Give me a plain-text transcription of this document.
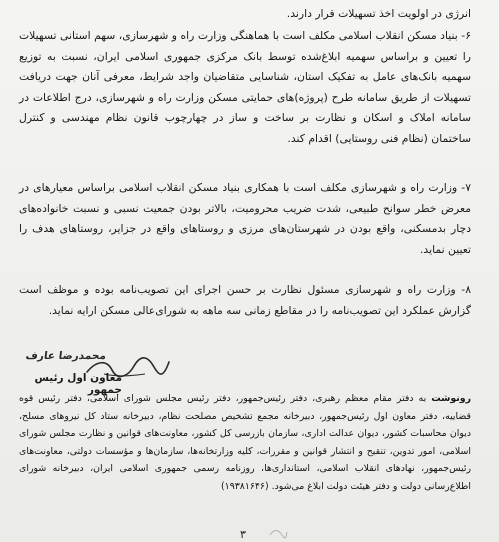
انرژی در اولویت اخذ تسهیلات قرار دارند.
۶- بنیاد مسکن انقلاب اسلامی مکلف است با هماهنگی وزارت راه و شهرسازی، سهم استانی تسهیلات را تعیین و براساس سهمیه ابلاغ‌شده توسط بانک مرکزی جمهوری اسلامی ایران، نسبت به توزیع سهمیه بانک‌های عامل به تفکیک استان، شناسایی متقاضیان واجد شرایط، معرفی آنان جهت دریافت تسهیلات از طریق سامانه طرح (پروژه)های حمایتی مسکن وزارت راه و شهرسازی، درج اطلاعات در سامانه املاک و اسکان و نظارت بر ساخت و ساز در چهارچوب قانون نظام مهندسی و کنترل ساختمان (نظام فنی روستایی) اقدام کند.
۷- وزارت راه و شهرسازی مکلف است با همکاری بنیاد مسکن انقلاب اسلامی براساس معیارهای در معرض خطر سوانح طبیعی، شدت ضریب محرومیت، بالاتر بودن جمعیت نسبی و نسبت خانواده‌های دچار بدمسکنی، واقع بودن در شهرستان‌های مرزی و روستاهای واقع در جزایر، روستاهای هدف را تعیین نماید.
۸- وزارت راه و شهرسازی مسئول نظارت بر حسن اجرای این تصویب‌نامه بوده و موظف است گزارش عملکرد این تصویب‌نامه را در مقاطع زمانی سه ماهه به شورای‌عالی مسکن ارایه نماید.
محمدرضا عارف
معاون اول رئیس جمهور
رونوشت به دفتر مقام معظم رهبری، دفتر رئیس‌جمهور، دفتر رئیس مجلس شورای اسلامی، دفتر رئیس قوه قضاییه، دفتر معاون اول رئیس‌جمهور، دبیرخانه مجمع تشخیص مصلحت نظام، دبیرخانه ستاد کل نیروهای مسلح، دیوان محاسبات کشور، دیوان عدالت اداری، سازمان بازرسی کل کشور، معاونت‌های قوانین و نظارت مجلس شورای اسلامی، امور تدوین، تنقیح و انتشار قوانین و مقررات، کلیه وزارتخانه‌ها، سازمان‌ها و مؤسسات دولتی، معاونت‌های رئیس‌جمهور، نهادهای انقلاب اسلامی، استانداری‌ها، روزنامه رسمی جمهوری اسلامی ایران، دبیرخانه شورای اطلاع‌رسانی دولت و دفتر هیئت دولت ابلاغ می‌شود. (۱۹۳۸۱۶۴۶)
۳
